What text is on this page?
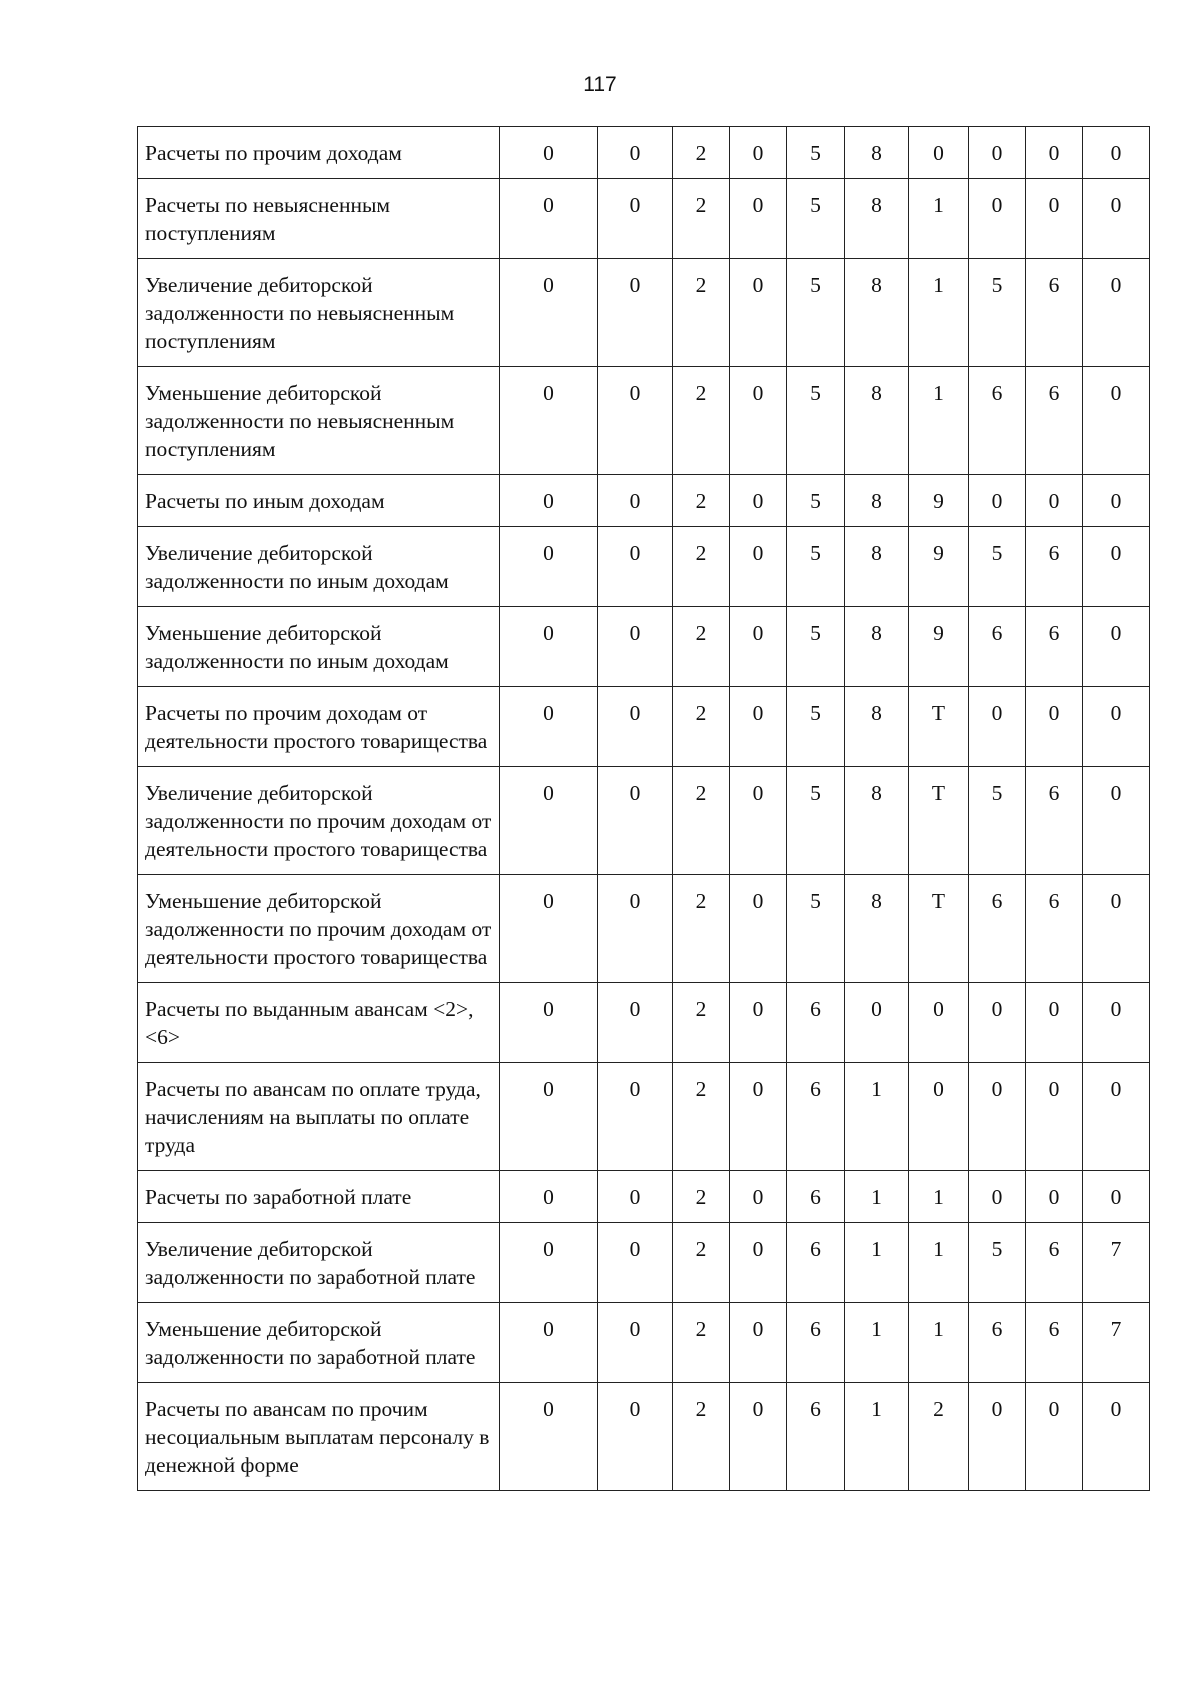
117
Расчеты по прочим доходам	0	0	2	0	5	8	0	0	0	0
Расчеты по невыясненным поступлениям	0	0	2	0	5	8	1	0	0	0
Увеличение дебиторской задолженности по невыясненным поступлениям	0	0	2	0	5	8	1	5	6	0
Уменьшение дебиторской задолженности по невыясненным поступлениям	0	0	2	0	5	8	1	6	6	0
Расчеты по иным доходам	0	0	2	0	5	8	9	0	0	0
Увеличение дебиторской задолженности по иным доходам	0	0	2	0	5	8	9	5	6	0
Уменьшение дебиторской задолженности по иным доходам	0	0	2	0	5	8	9	6	6	0
Расчеты по прочим доходам от деятельности простого товарищества	0	0	2	0	5	8	Т	0	0	0
Увеличение дебиторской задолженности по прочим доходам от деятельности простого товарищества	0	0	2	0	5	8	Т	5	6	0
Уменьшение дебиторской задолженности по прочим доходам от деятельности простого товарищества	0	0	2	0	5	8	Т	6	6	0
Расчеты по выданным авансам <2>, <6>	0	0	2	0	6	0	0	0	0	0
Расчеты по авансам по оплате труда, начислениям на выплаты по оплате труда	0	0	2	0	6	1	0	0	0	0
Расчеты по заработной плате	0	0	2	0	6	1	1	0	0	0
Увеличение дебиторской задолженности по заработной плате	0	0	2	0	6	1	1	5	6	7
Уменьшение дебиторской задолженности по заработной плате	0	0	2	0	6	1	1	6	6	7
Расчеты по авансам по прочим несоциальным выплатам персоналу в денежной форме	0	0	2	0	6	1	2	0	0	0
